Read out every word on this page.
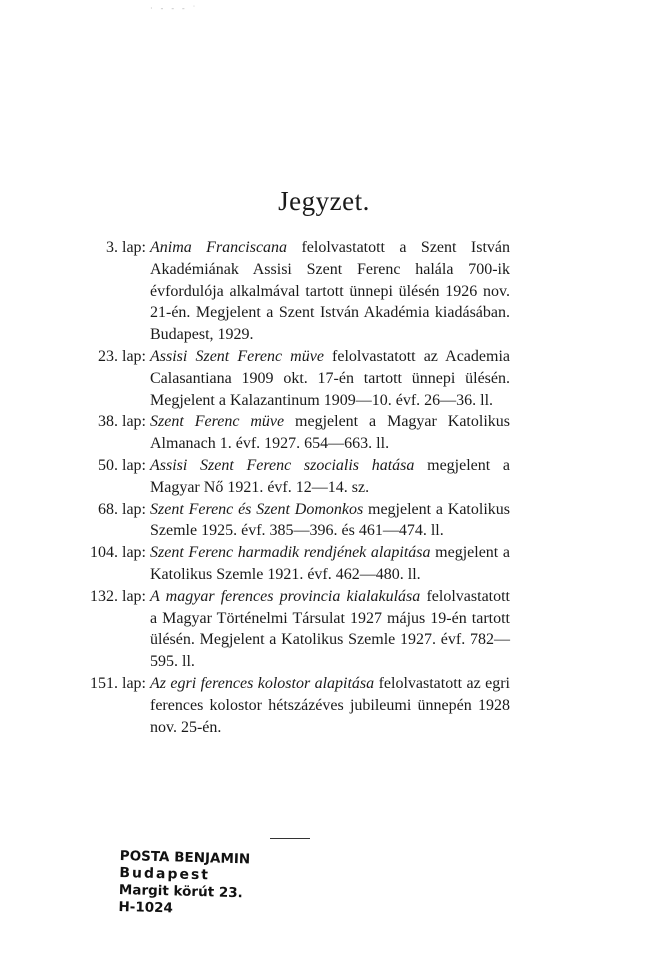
· ‐ ‐ ‐ ˙
Jegyzet.
3. lap: Anima Franciscana felolvastatott a Szent István Akadémiának Assisi Szent Ferenc halála 700-ik évfordulója alkalmával tartott ünnepi ülésén 1926 nov. 21-én. Megjelent a Szent István Akadémia kiadásában. Budapest, 1929.
23. lap: Assisi Szent Ferenc müve felolvastatott az Academia Calasantiana 1909 okt. 17-én tartott ünnepi ülésén. Megjelent a Kalazantinum 1909—10. évf. 26—36. ll.
38. lap: Szent Ferenc müve megjelent a Magyar Katolikus Almanach 1. évf. 1927. 654—663. ll.
50. lap: Assisi Szent Ferenc szocialis hatása megjelent a Magyar Nő 1921. évf. 12—14. sz.
68. lap: Szent Ferenc és Szent Domonkos megjelent a Katolikus Szemle 1925. évf. 385—396. és 461—474. ll.
104. lap: Szent Ferenc harmadik rendjének alapitása megjelent a Katolikus Szemle 1921. évf. 462—480. ll.
132. lap: A magyar ferences provincia kialakulása felolvastatott a Magyar Történelmi Társulat 1927 május 19-én tartott ülésén. Megjelent a Katolikus Szemle 1927. évf. 782—595. ll.
151. lap: Az egri ferences kolostor alapitása felolvastatott az egri ferences kolostor hétszázéves jubileumi ünnepén 1928 nov. 25-én.
POSTA BENJAMIN
Budapest
Margit körút 23.
H-1024
